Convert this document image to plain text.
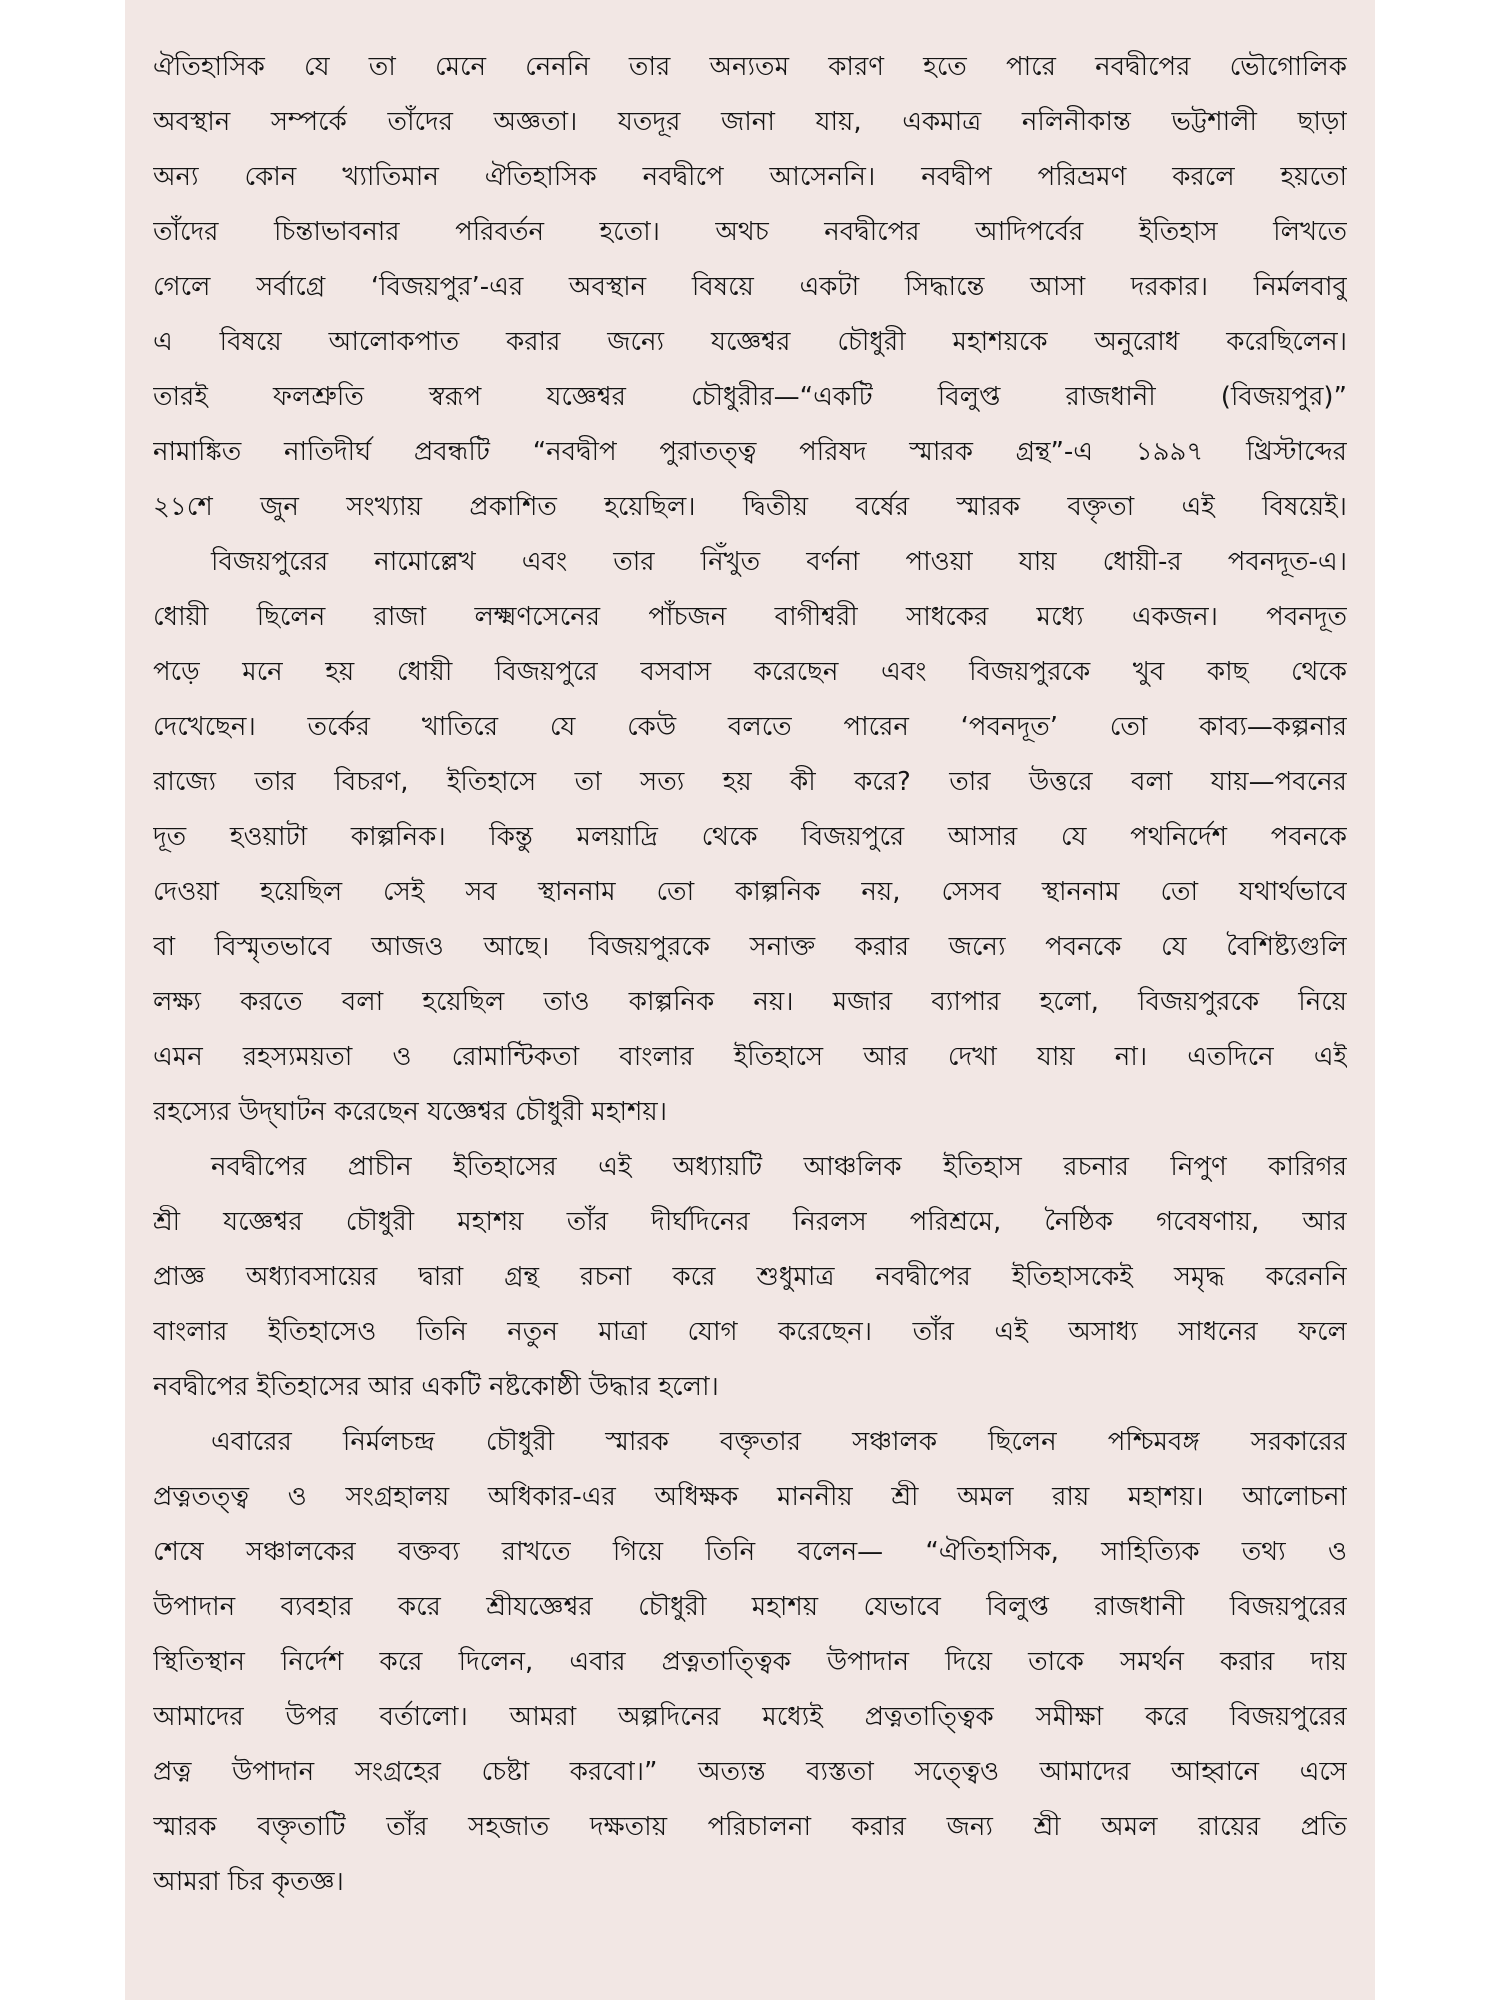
ঐতিহাসিক যে তা মেনে নেননি তার অন্যতম কারণ হতে পারে নবদ্বীপের ভৌগোলিক
অবস্থান সম্পর্কে তাঁদের অজ্ঞতা। যতদূর জানা যায়, একমাত্র নলিনীকান্ত ভট্টশালী ছাড়া
অন্য কোন খ্যাতিমান ঐতিহাসিক নবদ্বীপে আসেননি। নবদ্বীপ পরিভ্রমণ করলে হয়তো
তাঁদের চিন্তাভাবনার পরিবর্তন হতো। অথচ নবদ্বীপের আদিপর্বের ইতিহাস লিখতে
গেলে সর্বাগ্রে ‘বিজয়পুর’-এর অবস্থান বিষয়ে একটা সিদ্ধান্তে আসা দরকার। নির্মলবাবু
এ বিষয়ে আলোকপাত করার জন্যে যজ্ঞেশ্বর চৌধুরী মহাশয়কে অনুরোধ করেছিলেন।
তারই ফলশ্রুতি স্বরূপ যজ্ঞেশ্বর চৌধুরীর—“একটি বিলুপ্ত রাজধানী (বিজয়পুর)”
নামাঙ্কিত নাতিদীর্ঘ প্রবন্ধটি “নবদ্বীপ পুরাতত্ত্ব পরিষদ স্মারক গ্রন্থ”-এ ১৯৯৭ খ্রিস্টাব্দের
২১শে জুন সংখ্যায় প্রকাশিত হয়েছিল। দ্বিতীয় বর্ষের স্মারক বক্তৃতা এই বিষয়েই।
বিজয়পুরের নামোল্লেখ এবং তার নিঁখুত বর্ণনা পাওয়া যায় ধোয়ী-র পবনদূত-এ।
ধোয়ী ছিলেন রাজা লক্ষ্মণসেনের পাঁচজন বাগীশ্বরী সাধকের মধ্যে একজন। পবনদূত
পড়ে মনে হয় ধোয়ী বিজয়পুরে বসবাস করেছেন এবং বিজয়পুরকে খুব কাছ থেকে
দেখেছেন। তর্কের খাতিরে যে কেউ বলতে পারেন ‘পবনদূত’ তো কাব্য—কল্পনার
রাজ্যে তার বিচরণ, ইতিহাসে তা সত্য হয় কী করে? তার উত্তরে বলা যায়—পবনের
দূত হওয়াটা কাল্পনিক। কিন্তু মলয়াদ্রি থেকে বিজয়পুরে আসার যে পথনির্দেশ পবনকে
দেওয়া হয়েছিল সেই সব স্থাননাম তো কাল্পনিক নয়, সেসব স্থাননাম তো যথার্থভাবে
বা বিস্মৃতভাবে আজও আছে। বিজয়পুরকে সনাক্ত করার জন্যে পবনকে যে বৈশিষ্ট্যগুলি
লক্ষ্য করতে বলা হয়েছিল তাও কাল্পনিক নয়। মজার ব্যাপার হলো, বিজয়পুরকে নিয়ে
এমন রহস্যময়তা ও রোমান্টিকতা বাংলার ইতিহাসে আর দেখা যায় না। এতদিনে এই
রহস্যের উদ্‌ঘাটন করেছেন যজ্ঞেশ্বর চৌধুরী মহাশয়।
নবদ্বীপের প্রাচীন ইতিহাসের এই অধ্যায়টি আঞ্চলিক ইতিহাস রচনার নিপুণ কারিগর
শ্রী যজ্ঞেশ্বর চৌধুরী মহাশয় তাঁর দীর্ঘদিনের নিরলস পরিশ্রমে, নৈষ্ঠিক গবেষণায়, আর
প্রাজ্ঞ অধ্যাবসায়ের দ্বারা গ্রন্থ রচনা করে শুধুমাত্র নবদ্বীপের ইতিহাসকেই সমৃদ্ধ করেননি
বাংলার ইতিহাসেও তিনি নতুন মাত্রা যোগ করেছেন। তাঁর এই অসাধ্য সাধনের ফলে
নবদ্বীপের ইতিহাসের আর একটি নষ্টকোষ্ঠী উদ্ধার হলো।
এবারের নির্মলচন্দ্র চৌধুরী স্মারক বক্তৃতার সঞ্চালক ছিলেন পশ্চিমবঙ্গ সরকারের
প্রত্নতত্ত্ব ও সংগ্রহালয় অধিকার-এর অধিক্ষক মাননীয় শ্রী অমল রায় মহাশয়। আলোচনা
শেষে সঞ্চালকের বক্তব্য রাখতে গিয়ে তিনি বলেন— “ঐতিহাসিক, সাহিত্যিক তথ্য ও
উপাদান ব্যবহার করে শ্রীযজ্ঞেশ্বর চৌধুরী মহাশয় যেভাবে বিলুপ্ত রাজধানী বিজয়পুরের
স্থিতিস্থান নির্দেশ করে দিলেন, এবার প্রত্নতাত্ত্বিক উপাদান দিয়ে তাকে সমর্থন করার দায়
আমাদের উপর বর্তালো। আমরা অল্পদিনের মধ্যেই প্রত্নতাত্ত্বিক সমীক্ষা করে বিজয়পুরের
প্রত্ন উপাদান সংগ্রহের চেষ্টা করবো।” অত্যন্ত ব্যস্ততা সত্ত্বেও আমাদের আহ্বানে এসে
স্মারক বক্তৃতাটি তাঁর সহজাত দক্ষতায় পরিচালনা করার জন্য শ্রী অমল রায়ের প্রতি
আমরা চির কৃতজ্ঞ।
